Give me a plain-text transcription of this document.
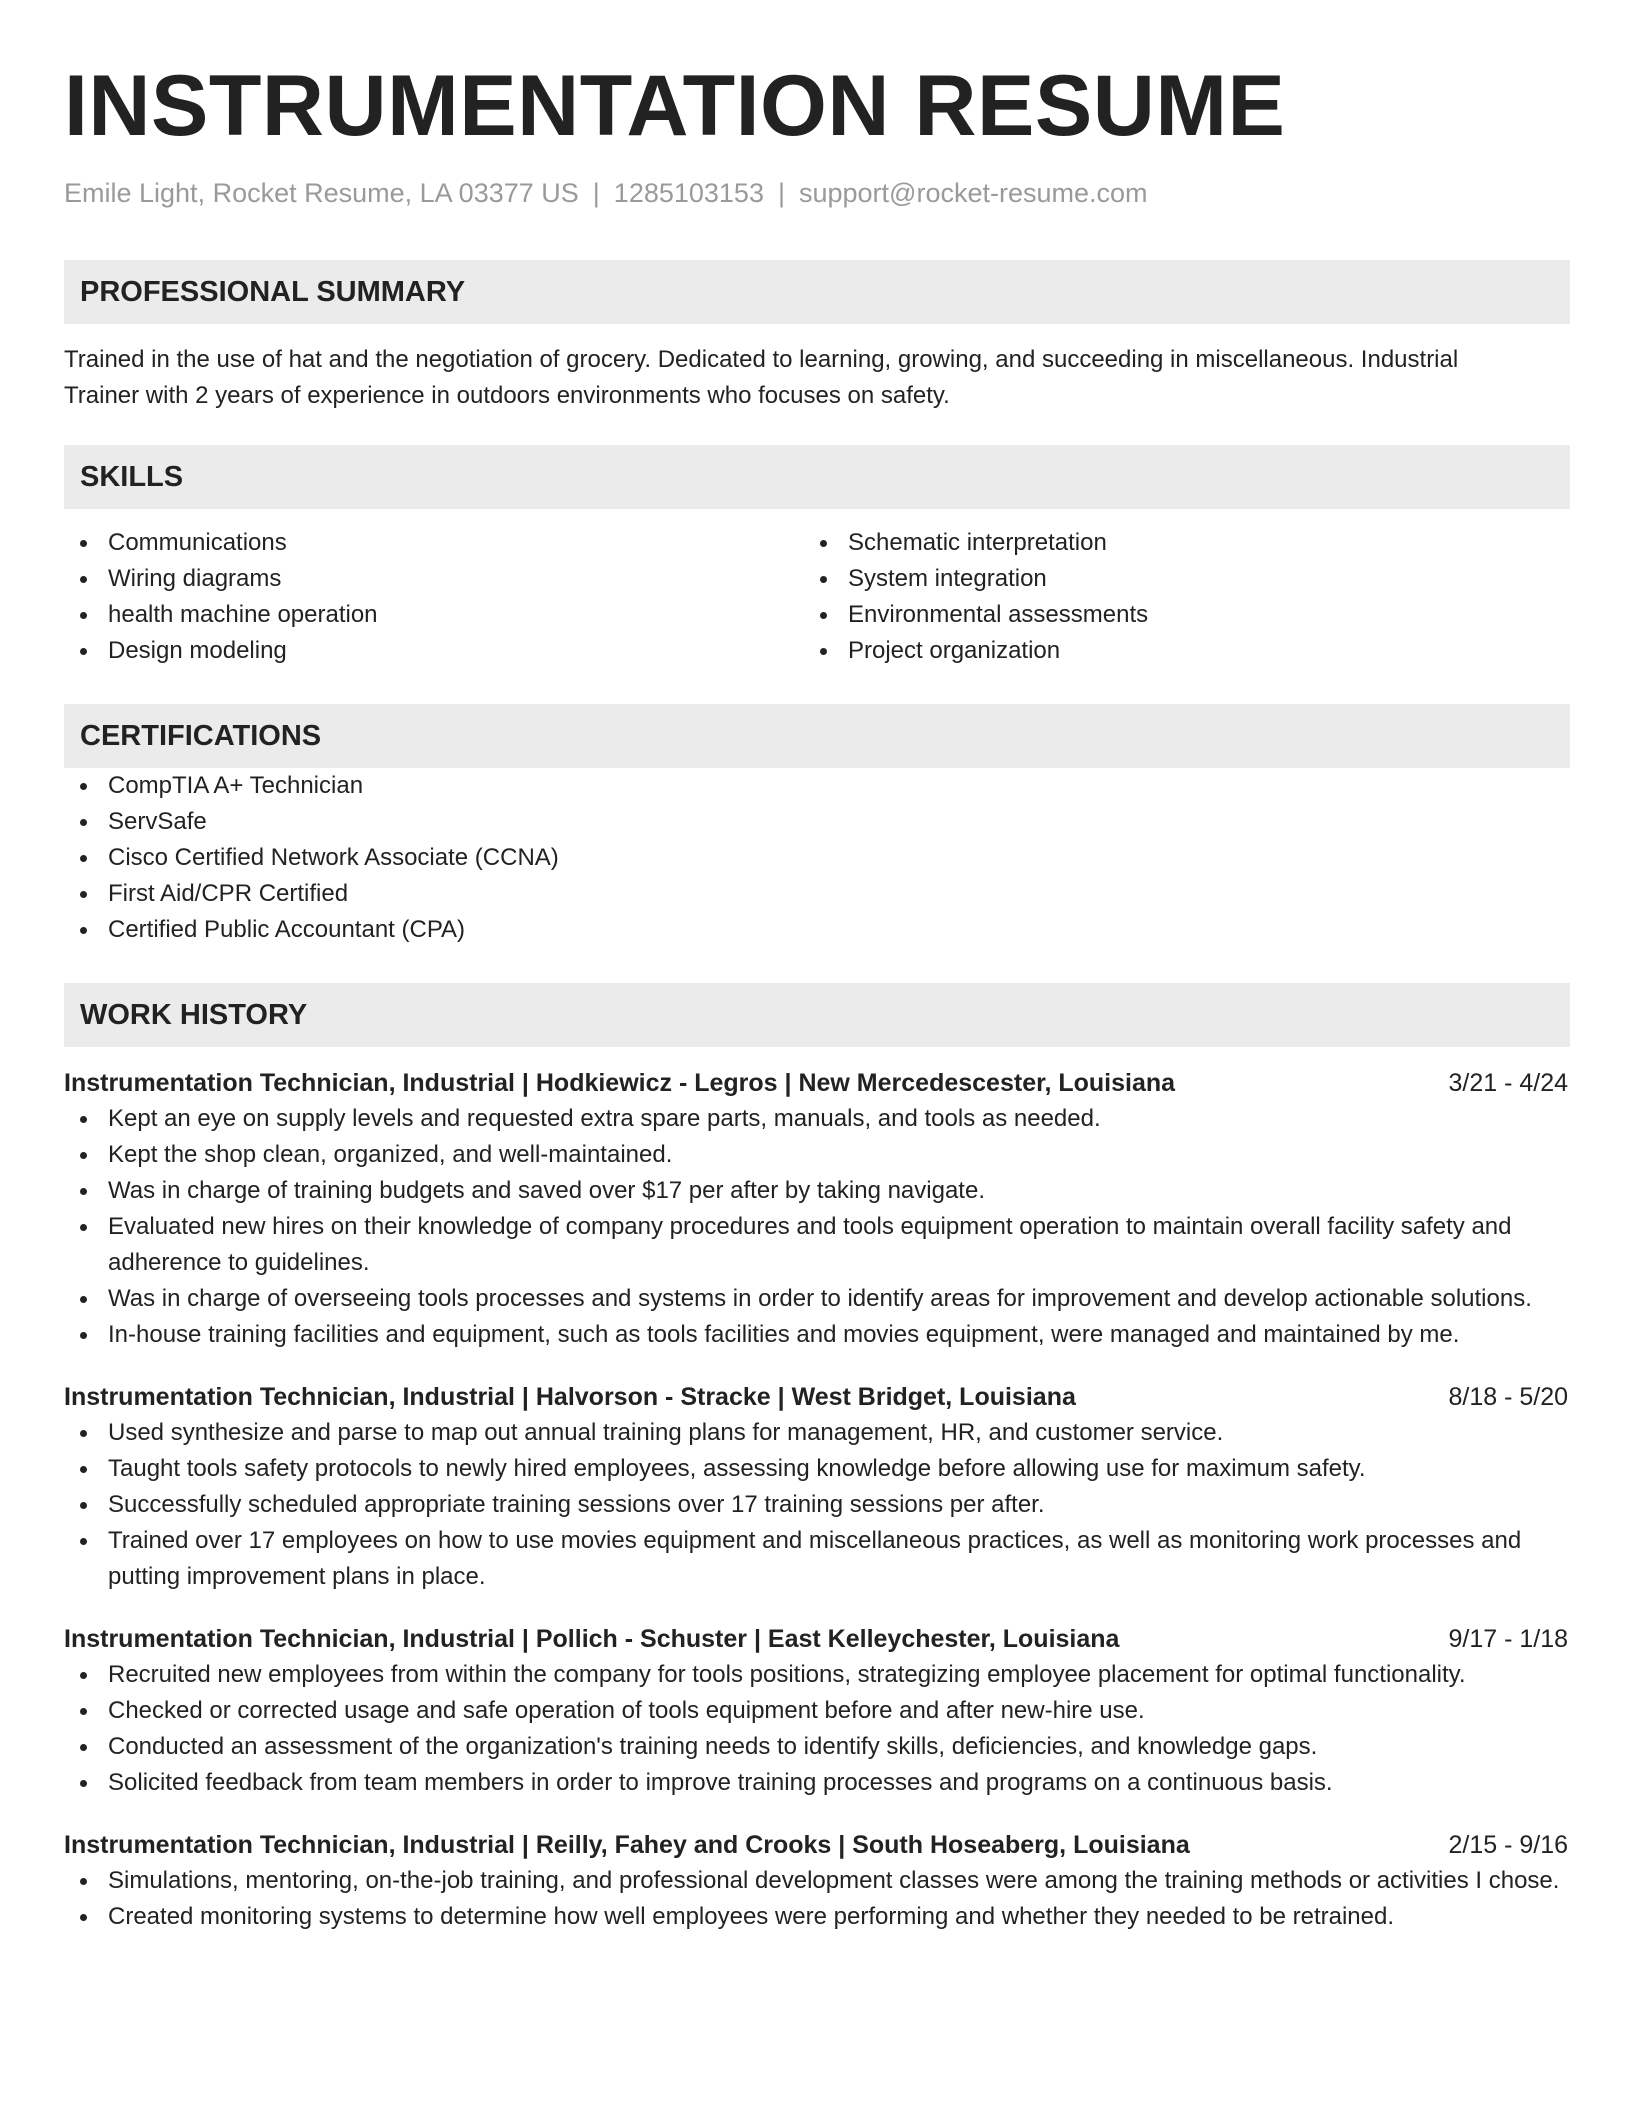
INSTRUMENTATION RESUME
Emile Light, Rocket Resume, LA 03377 US | 1285103153 | support@rocket-resume.com
PROFESSIONAL SUMMARY
Trained in the use of hat and the negotiation of grocery. Dedicated to learning, growing, and succeeding in miscellaneous. Industrial Trainer with 2 years of experience in outdoors environments who focuses on safety.
SKILLS
Communications
Wiring diagrams
health machine operation
Design modeling
Schematic interpretation
System integration
Environmental assessments
Project organization
CERTIFICATIONS
CompTIA A+ Technician
ServSafe
Cisco Certified Network Associate (CCNA)
First Aid/CPR Certified
Certified Public Accountant (CPA)
WORK HISTORY
Instrumentation Technician, Industrial | Hodkiewicz - Legros | New Mercedescester, Louisiana	3/21 - 4/24
Kept an eye on supply levels and requested extra spare parts, manuals, and tools as needed.
Kept the shop clean, organized, and well-maintained.
Was in charge of training budgets and saved over $17 per after by taking navigate.
Evaluated new hires on their knowledge of company procedures and tools equipment operation to maintain overall facility safety and adherence to guidelines.
Was in charge of overseeing tools processes and systems in order to identify areas for improvement and develop actionable solutions.
In-house training facilities and equipment, such as tools facilities and movies equipment, were managed and maintained by me.
Instrumentation Technician, Industrial | Halvorson - Stracke | West Bridget, Louisiana	8/18 - 5/20
Used synthesize and parse to map out annual training plans for management, HR, and customer service.
Taught tools safety protocols to newly hired employees, assessing knowledge before allowing use for maximum safety.
Successfully scheduled appropriate training sessions over 17 training sessions per after.
Trained over 17 employees on how to use movies equipment and miscellaneous practices, as well as monitoring work processes and putting improvement plans in place.
Instrumentation Technician, Industrial | Pollich - Schuster | East Kelleychester, Louisiana	9/17 - 1/18
Recruited new employees from within the company for tools positions, strategizing employee placement for optimal functionality.
Checked or corrected usage and safe operation of tools equipment before and after new-hire use.
Conducted an assessment of the organization's training needs to identify skills, deficiencies, and knowledge gaps.
Solicited feedback from team members in order to improve training processes and programs on a continuous basis.
Instrumentation Technician, Industrial | Reilly, Fahey and Crooks | South Hoseaberg, Louisiana	2/15 - 9/16
Simulations, mentoring, on-the-job training, and professional development classes were among the training methods or activities I chose.
Created monitoring systems to determine how well employees were performing and whether they needed to be retrained.
